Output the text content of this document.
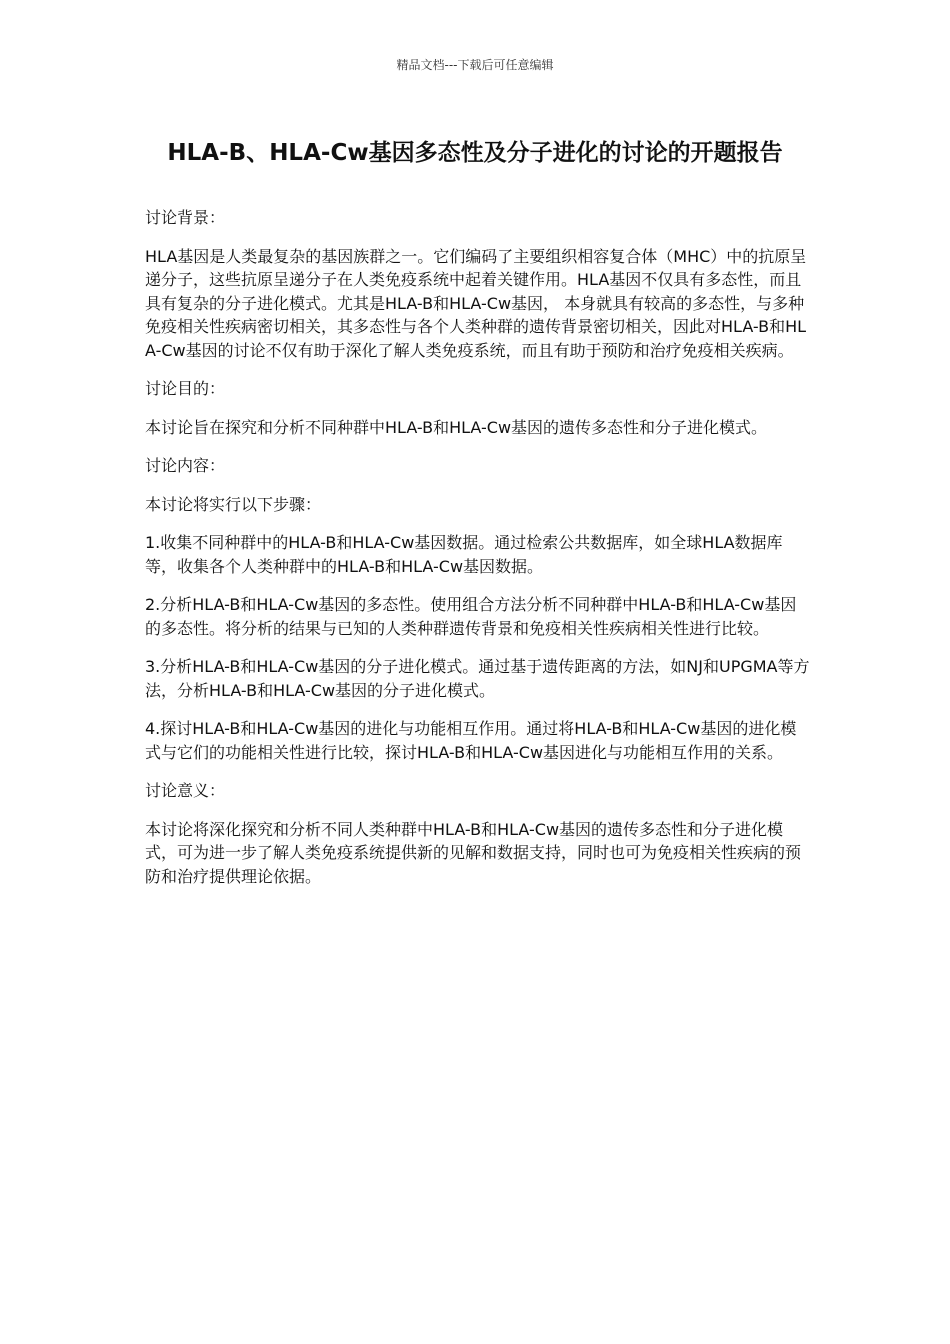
精品文档---下载后可任意编辑
HLA-B、HLA-Cw基因多态性及分子进化的讨论的开题报告

讨论背景：

HLA基因是人类最复杂的基因族群之一。它们编码了主要组织相容复合体（MHC）中的抗原呈递分子，这些抗原呈递分子在人类免疫系统中起着关键作用。HLA基因不仅具有多态性，而且具有复杂的分子进化模式。尤其是HLA-B和HLA-Cw基因， 本身就具有较高的多态性，与多种免疫相关性疾病密切相关，其多态性与各个人类种群的遗传背景密切相关，因此对HLA-B和HLA-Cw基因的讨论不仅有助于深化了解人类免疫系统，而且有助于预防和治疗免疫相关疾病。

讨论目的：

本讨论旨在探究和分析不同种群中HLA-B和HLA-Cw基因的遗传多态性和分子进化模式。

讨论内容：

本讨论将实行以下步骤：

1.收集不同种群中的HLA-B和HLA-Cw基因数据。通过检索公共数据库，如全球HLA数据库等，收集各个人类种群中的HLA-B和HLA-Cw基因数据。

2.分析HLA-B和HLA-Cw基因的多态性。使用组合方法分析不同种群中HLA-B和HLA-Cw基因的多态性。将分析的结果与已知的人类种群遗传背景和免疫相关性疾病相关性进行比较。

3.分析HLA-B和HLA-Cw基因的分子进化模式。通过基于遗传距离的方法，如NJ和UPGMA等方法，分析HLA-B和HLA-Cw基因的分子进化模式。

4.探讨HLA-B和HLA-Cw基因的进化与功能相互作用。通过将HLA-B和HLA-Cw基因的进化模式与它们的功能相关性进行比较，探讨HLA-B和HLA-Cw基因进化与功能相互作用的关系。

讨论意义：

本讨论将深化探究和分析不同人类种群中HLA-B和HLA-Cw基因的遗传多态性和分子进化模式，可为进一步了解人类免疫系统提供新的见解和数据支持，同时也可为免疫相关性疾病的预防和治疗提供理论依据。
